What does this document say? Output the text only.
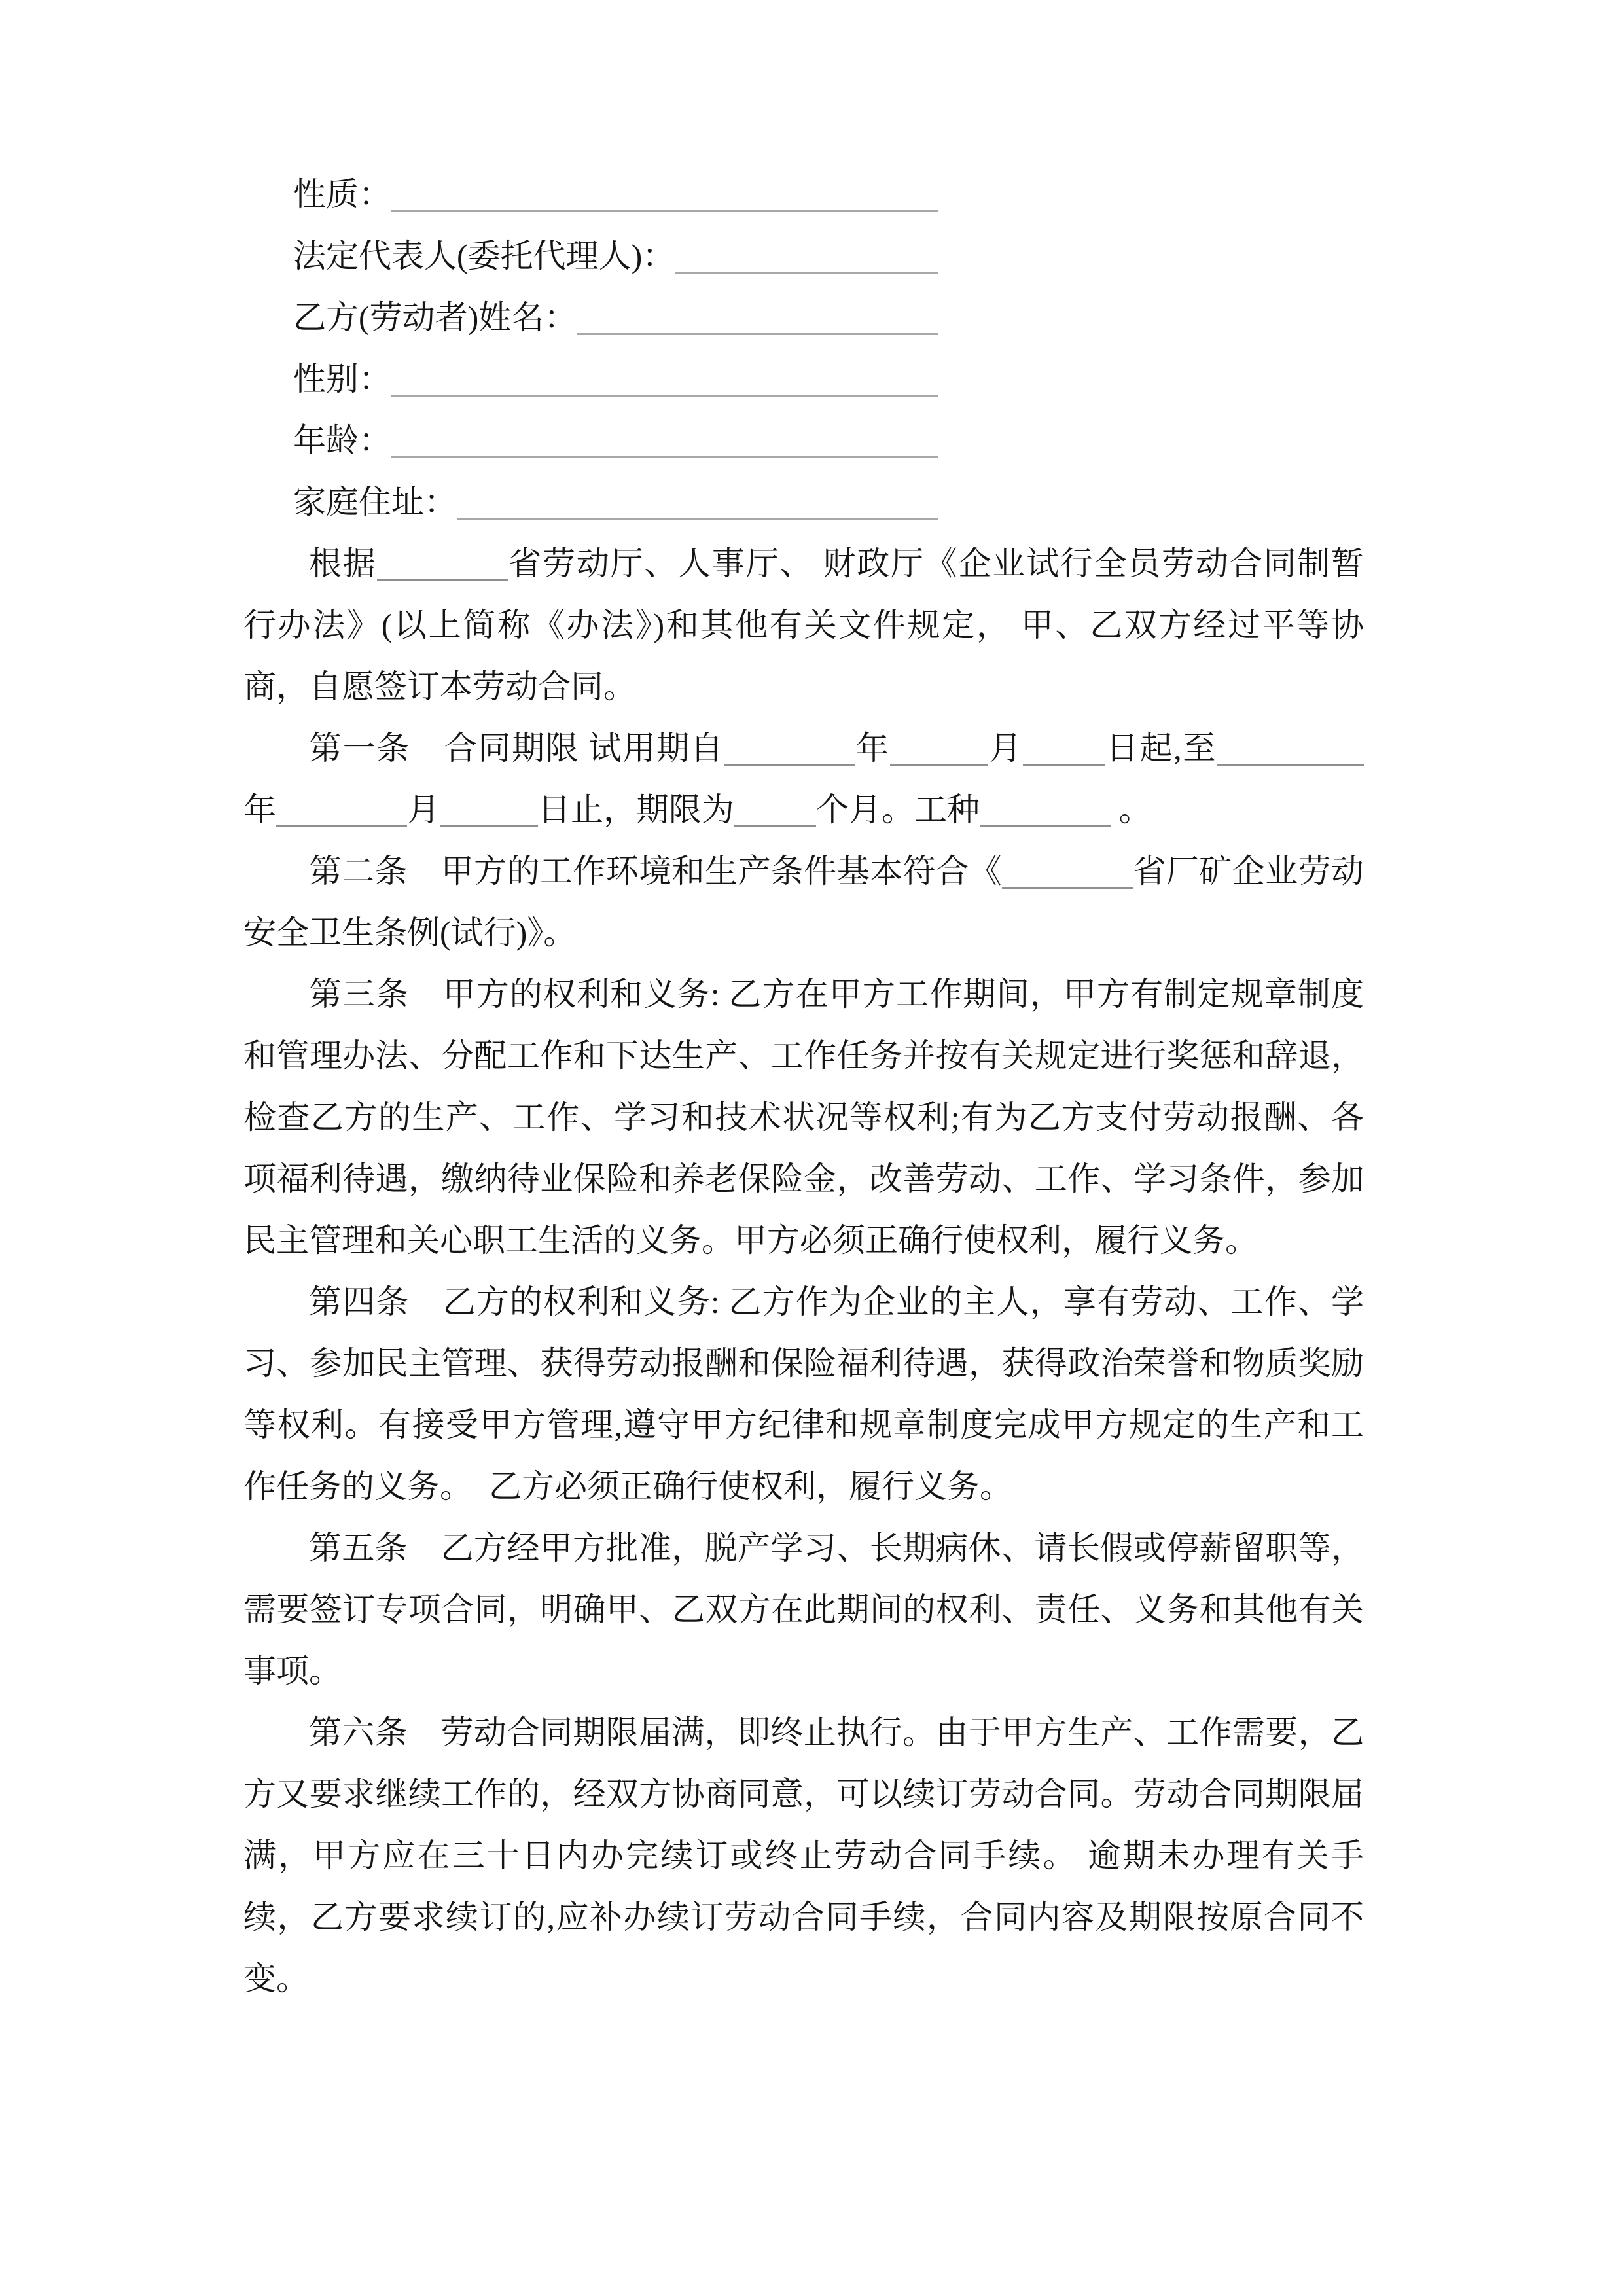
性质：
法定代表人(委托代理人)：
乙方(劳动者)姓名：
性别：
年龄：
家庭住址：

根据	省劳动厅、人事厅、 财政厅《企业试行全员劳动合同制暂行办法》(以上简称《办法》)和其他有关文件规定， 甲、乙双方经过平等协商，自愿签订本劳动合同。

第一条　合同期限 试用期自	年	月	日起,至年	月	日止，期限为	个月。工种	。

第二条　甲方的工作环境和生产条件基本符合《	省厂矿企业劳动安全卫生条例(试行)》。

第三条　甲方的权利和义务: 乙方在甲方工作期间，甲方有制定规章制度和管理办法、分配工作和下达生产、工作任务并按有关规定进行奖惩和辞退，检查乙方的生产、工作、学习和技术状况等权利;有为乙方支付劳动报酬、各项福利待遇，缴纳待业保险和养老保险金，改善劳动、工作、学习条件，参加民主管理和关心职工生活的义务。甲方必须正确行使权利，履行义务。

第四条　乙方的权利和义务: 乙方作为企业的主人，享有劳动、工作、学习、参加民主管理、获得劳动报酬和保险福利待遇，获得政治荣誉和物质奖励等权利。有接受甲方管理,遵守甲方纪律和规章制度完成甲方规定的生产和工作任务的义务。　乙方必须正确行使权利，履行义务。

第五条　乙方经甲方批准，脱产学习、长期病休、请长假或停薪留职等，需要签订专项合同，明确甲、乙双方在此期间的权利、责任、义务和其他有关事项。

第六条　劳动合同期限届满，即终止执行。由于甲方生产、工作需要，乙方又要求继续工作的，经双方协商同意，可以续订劳动合同。劳动合同期限届满，甲方应在三十日内办完续订或终止劳动合同手续。 逾期未办理有关手续，乙方要求续订的,应补办续订劳动合同手续，合同内容及期限按原合同不变。
